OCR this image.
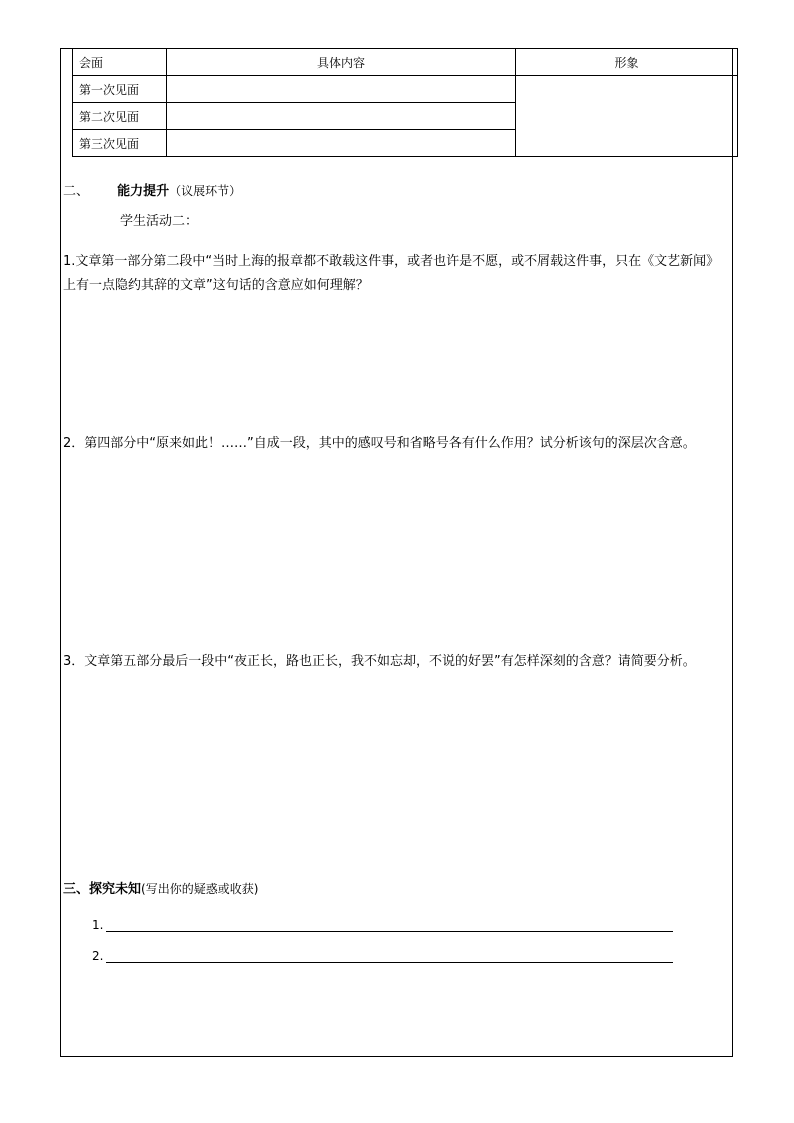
会面	具体内容	形象
第一次见面		
第二次见面		
第三次见面		
二、 能力提升（议展环节）
学生活动二：
1.文章第一部分第二段中“当时上海的报章都不敢载这件事，或者也许是不愿，或不屑载这件事，只在《文艺新闻》上有一点隐约其辞的文章”这句话的含意应如何理解？
2．第四部分中“原来如此！……”自成一段，其中的感叹号和省略号各有什么作用？试分析该句的深层次含意。
3．文章第五部分最后一段中“夜正长，路也正长，我不如忘却，不说的好罢”有怎样深刻的含意？请简要分析。
三、探究未知(写出你的疑惑或收获)
1.
2.
